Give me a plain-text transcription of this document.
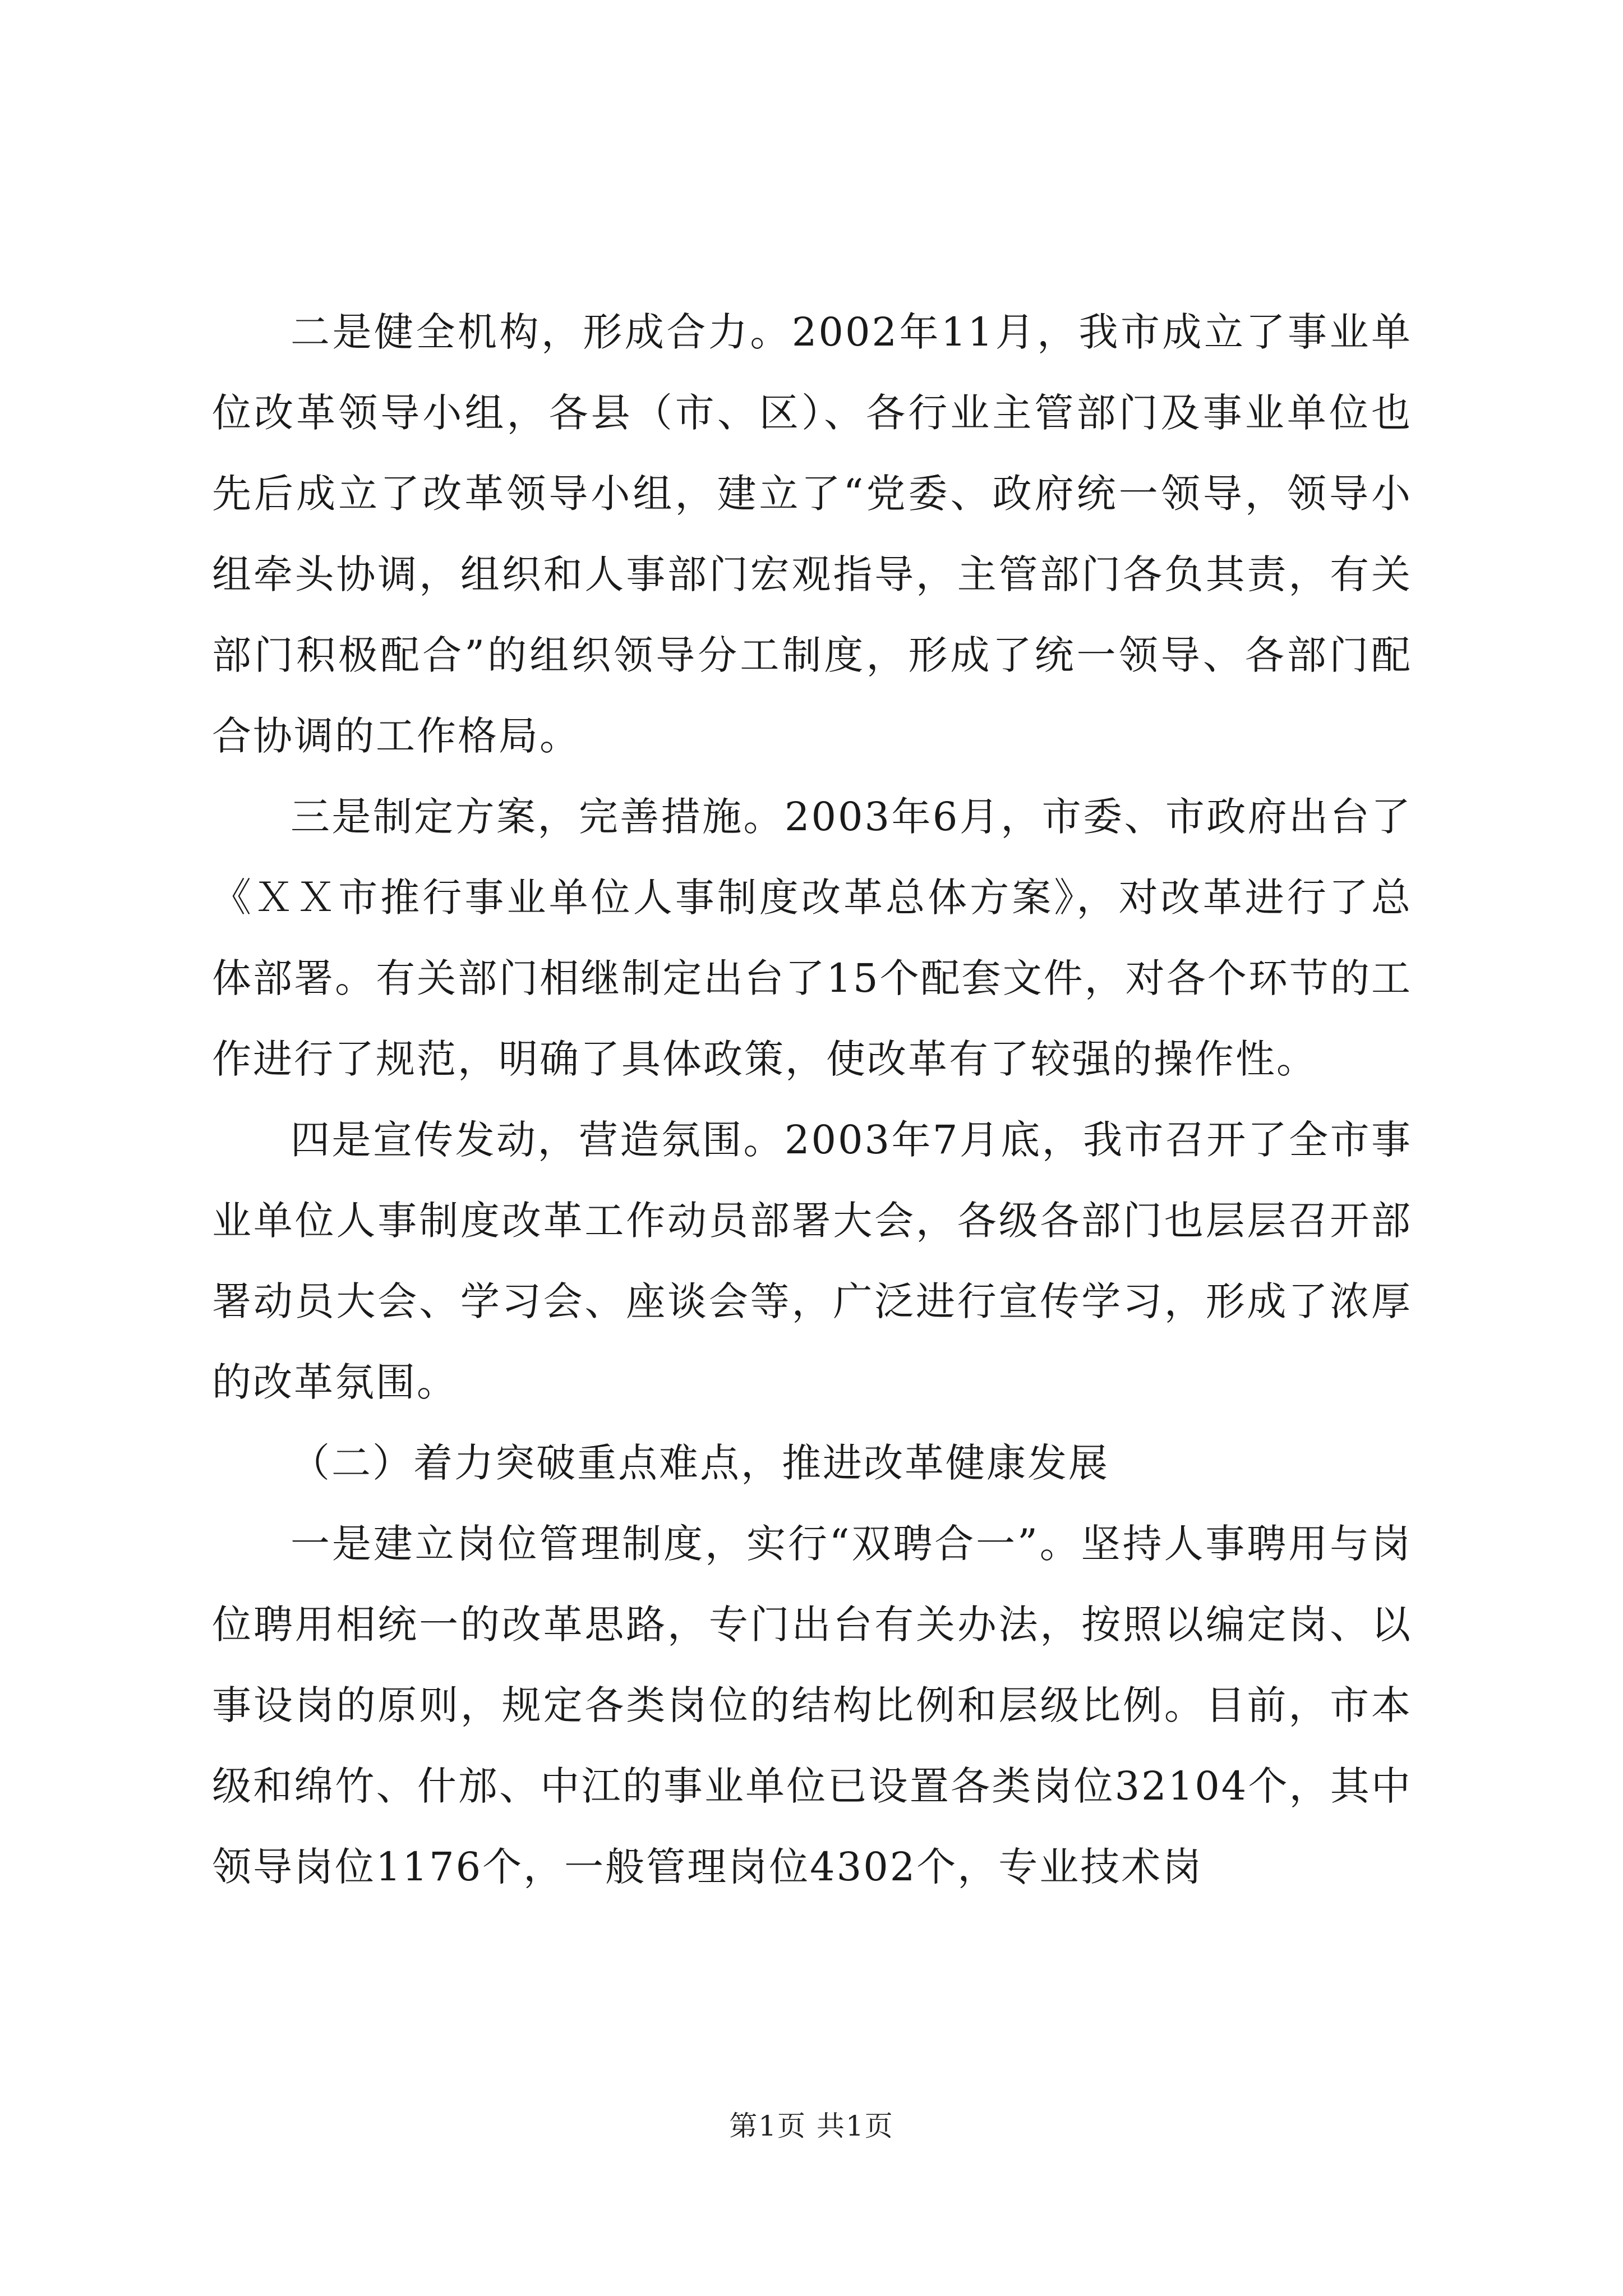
二是健全机构，形成合力。2002年11月，我市成立了事业单位改革领导小组，各县（市、区）、各行业主管部门及事业单位也先后成立了改革领导小组，建立了“党委、政府统一领导，领导小组牵头协调，组织和人事部门宏观指导，主管部门各负其责，有关部门积极配合”的组织领导分工制度，形成了统一领导、各部门配合协调的工作格局。

三是制定方案，完善措施。2003年6月，市委、市政府出台了《ＸＸ市推行事业单位人事制度改革总体方案》，对改革进行了总体部署。有关部门相继制定出台了15个配套文件，对各个环节的工作进行了规范，明确了具体政策，使改革有了较强的操作性。

四是宣传发动，营造氛围。2003年7月底，我市召开了全市事业单位人事制度改革工作动员部署大会，各级各部门也层层召开部署动员大会、学习会、座谈会等，广泛进行宣传学习，形成了浓厚的改革氛围。

（二）着力突破重点难点，推进改革健康发展

一是建立岗位管理制度，实行“双聘合一”。坚持人事聘用与岗位聘用相统一的改革思路，专门出台有关办法，按照以编定岗、以事设岗的原则，规定各类岗位的结构比例和层级比例。目前，市本级和绵竹、什邡、中江的事业单位已设置各类岗位32104个，其中领导岗位1176个，一般管理岗位4302个，专业技术岗

第1页 共1页
